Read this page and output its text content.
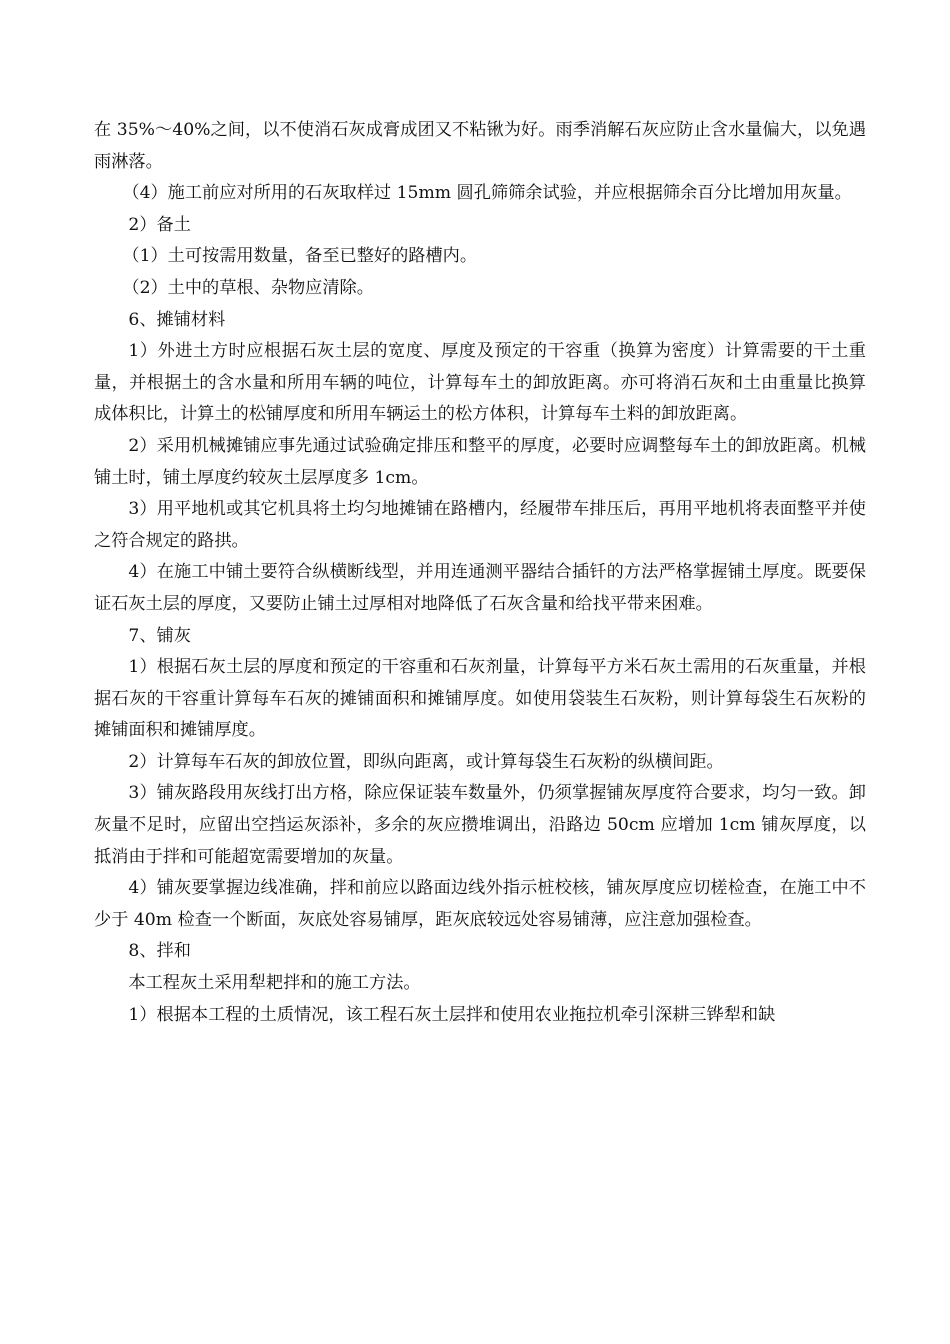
在 35%～40%之间，以不使消石灰成膏成团又不粘锹为好。雨季消解石灰应防止含水量偏大，以免遇雨淋落。

（4）施工前应对所用的石灰取样过 15mm 圆孔筛筛余试验，并应根据筛余百分比增加用灰量。

2）备土

（1）土可按需用数量，备至已整好的路槽内。

（2）土中的草根、杂物应清除。

6、摊铺材料

1）外进土方时应根据石灰土层的宽度、厚度及预定的干容重（换算为密度）计算需要的干土重量，并根据土的含水量和所用车辆的吨位，计算每车土的卸放距离。亦可将消石灰和土由重量比换算成体积比，计算土的松铺厚度和所用车辆运土的松方体积，计算每车土料的卸放距离。

2）采用机械摊铺应事先通过试验确定排压和整平的厚度，必要时应调整每车土的卸放距离。机械铺土时，铺土厚度约较灰土层厚度多 1cm。

3）用平地机或其它机具将土均匀地摊铺在路槽内，经履带车排压后，再用平地机将表面整平并使之符合规定的路拱。

4）在施工中铺土要符合纵横断线型，并用连通测平器结合插钎的方法严格掌握铺土厚度。既要保证石灰土层的厚度，又要防止铺土过厚相对地降低了石灰含量和给找平带来困难。

7、铺灰

1）根据石灰土层的厚度和预定的干容重和石灰剂量，计算每平方米石灰土需用的石灰重量，并根据石灰的干容重计算每车石灰的摊铺面积和摊铺厚度。如使用袋装生石灰粉，则计算每袋生石灰粉的摊铺面积和摊铺厚度。

2）计算每车石灰的卸放位置，即纵向距离，或计算每袋生石灰粉的纵横间距。

3）铺灰路段用灰线打出方格，除应保证装车数量外，仍须掌握铺灰厚度符合要求，均匀一致。卸灰量不足时，应留出空挡运灰添补，多余的灰应攒堆调出，沿路边 50cm 应增加 1cm 铺灰厚度，以抵消由于拌和可能超宽需要增加的灰量。

4）铺灰要掌握边线准确，拌和前应以路面边线外指示桩校核，铺灰厚度应切槎检查，在施工中不少于 40m 检查一个断面，灰底处容易铺厚，距灰底较远处容易铺薄，应注意加强检查。

8、拌和

本工程灰土采用犁耙拌和的施工方法。

1）根据本工程的土质情况，该工程石灰土层拌和使用农业拖拉机牵引深耕三铧犁和缺
